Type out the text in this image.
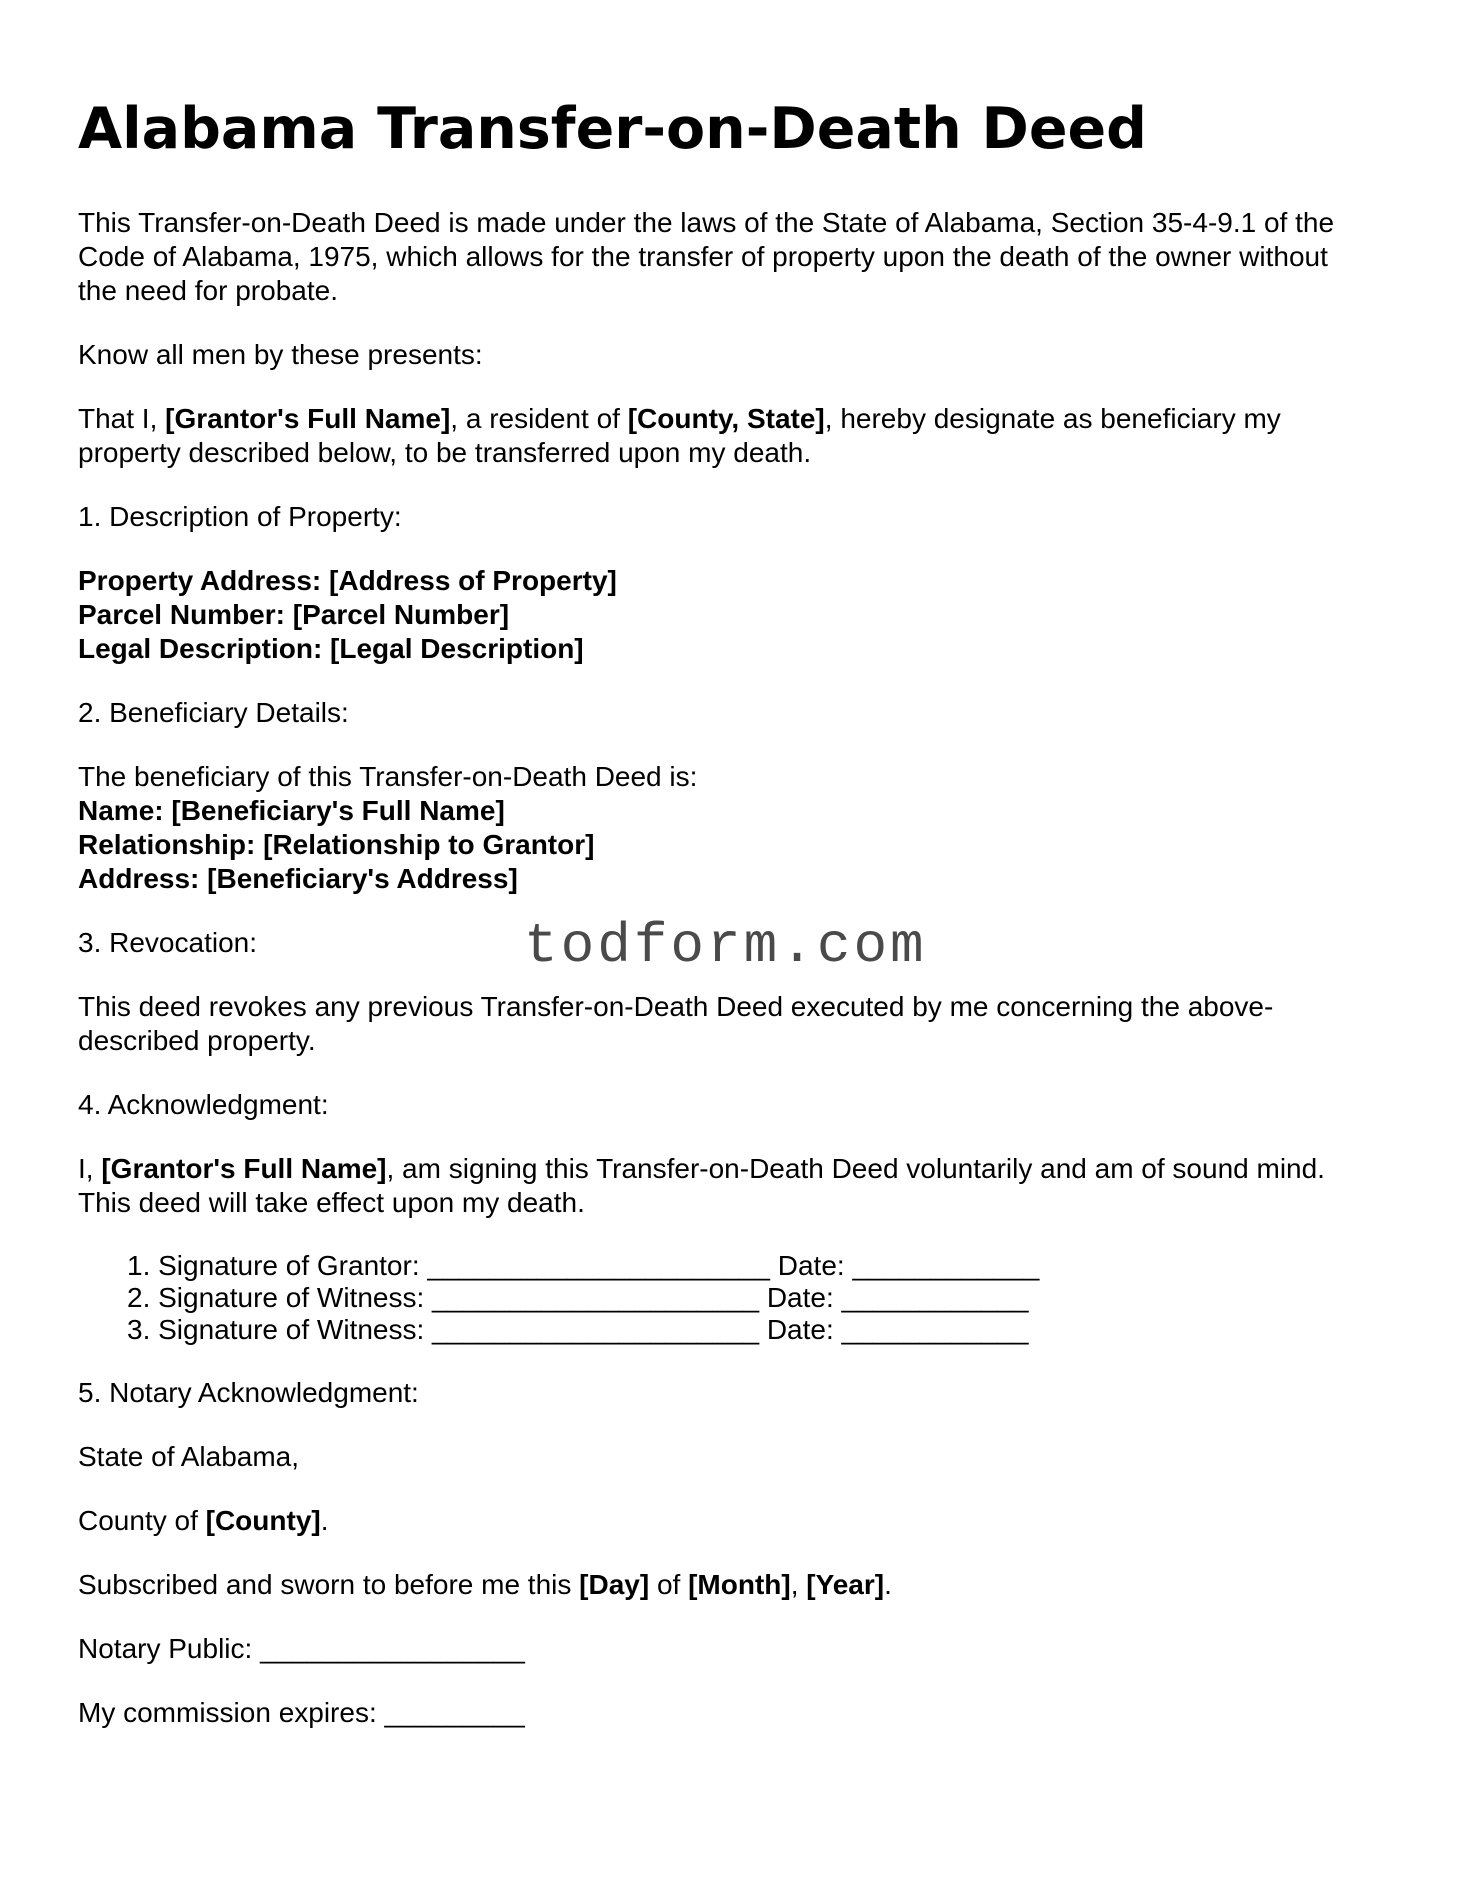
Alabama Transfer-on-Death Deed

This Transfer-on-Death Deed is made under the laws of the State of Alabama, Section 35-4-9.1 of the Code of Alabama, 1975, which allows for the transfer of property upon the death of the owner without the need for probate.

Know all men by these presents:

That I, [Grantor's Full Name], a resident of [County, State], hereby designate as beneficiary my property described below, to be transferred upon my death.

1. Description of Property:

Property Address: [Address of Property]
Parcel Number: [Parcel Number]
Legal Description: [Legal Description]

2. Beneficiary Details:

The beneficiary of this Transfer-on-Death Deed is:
Name: [Beneficiary's Full Name]
Relationship: [Relationship to Grantor]
Address: [Beneficiary's Address]

3. Revocation:

This deed revokes any previous Transfer-on-Death Deed executed by me concerning the above-described property.

4. Acknowledgment:

I, [Grantor's Full Name], am signing this Transfer-on-Death Deed voluntarily and am of sound mind. This deed will take effect upon my death.

1. Signature of Grantor: ______________________ Date: ____________
2. Signature of Witness: _____________________ Date: ____________
3. Signature of Witness: _____________________ Date: ____________

5. Notary Acknowledgment:

State of Alabama,

County of [County].

Subscribed and sworn to before me this [Day] of [Month], [Year].

Notary Public: _________________

My commission expires: _________

todform.com
